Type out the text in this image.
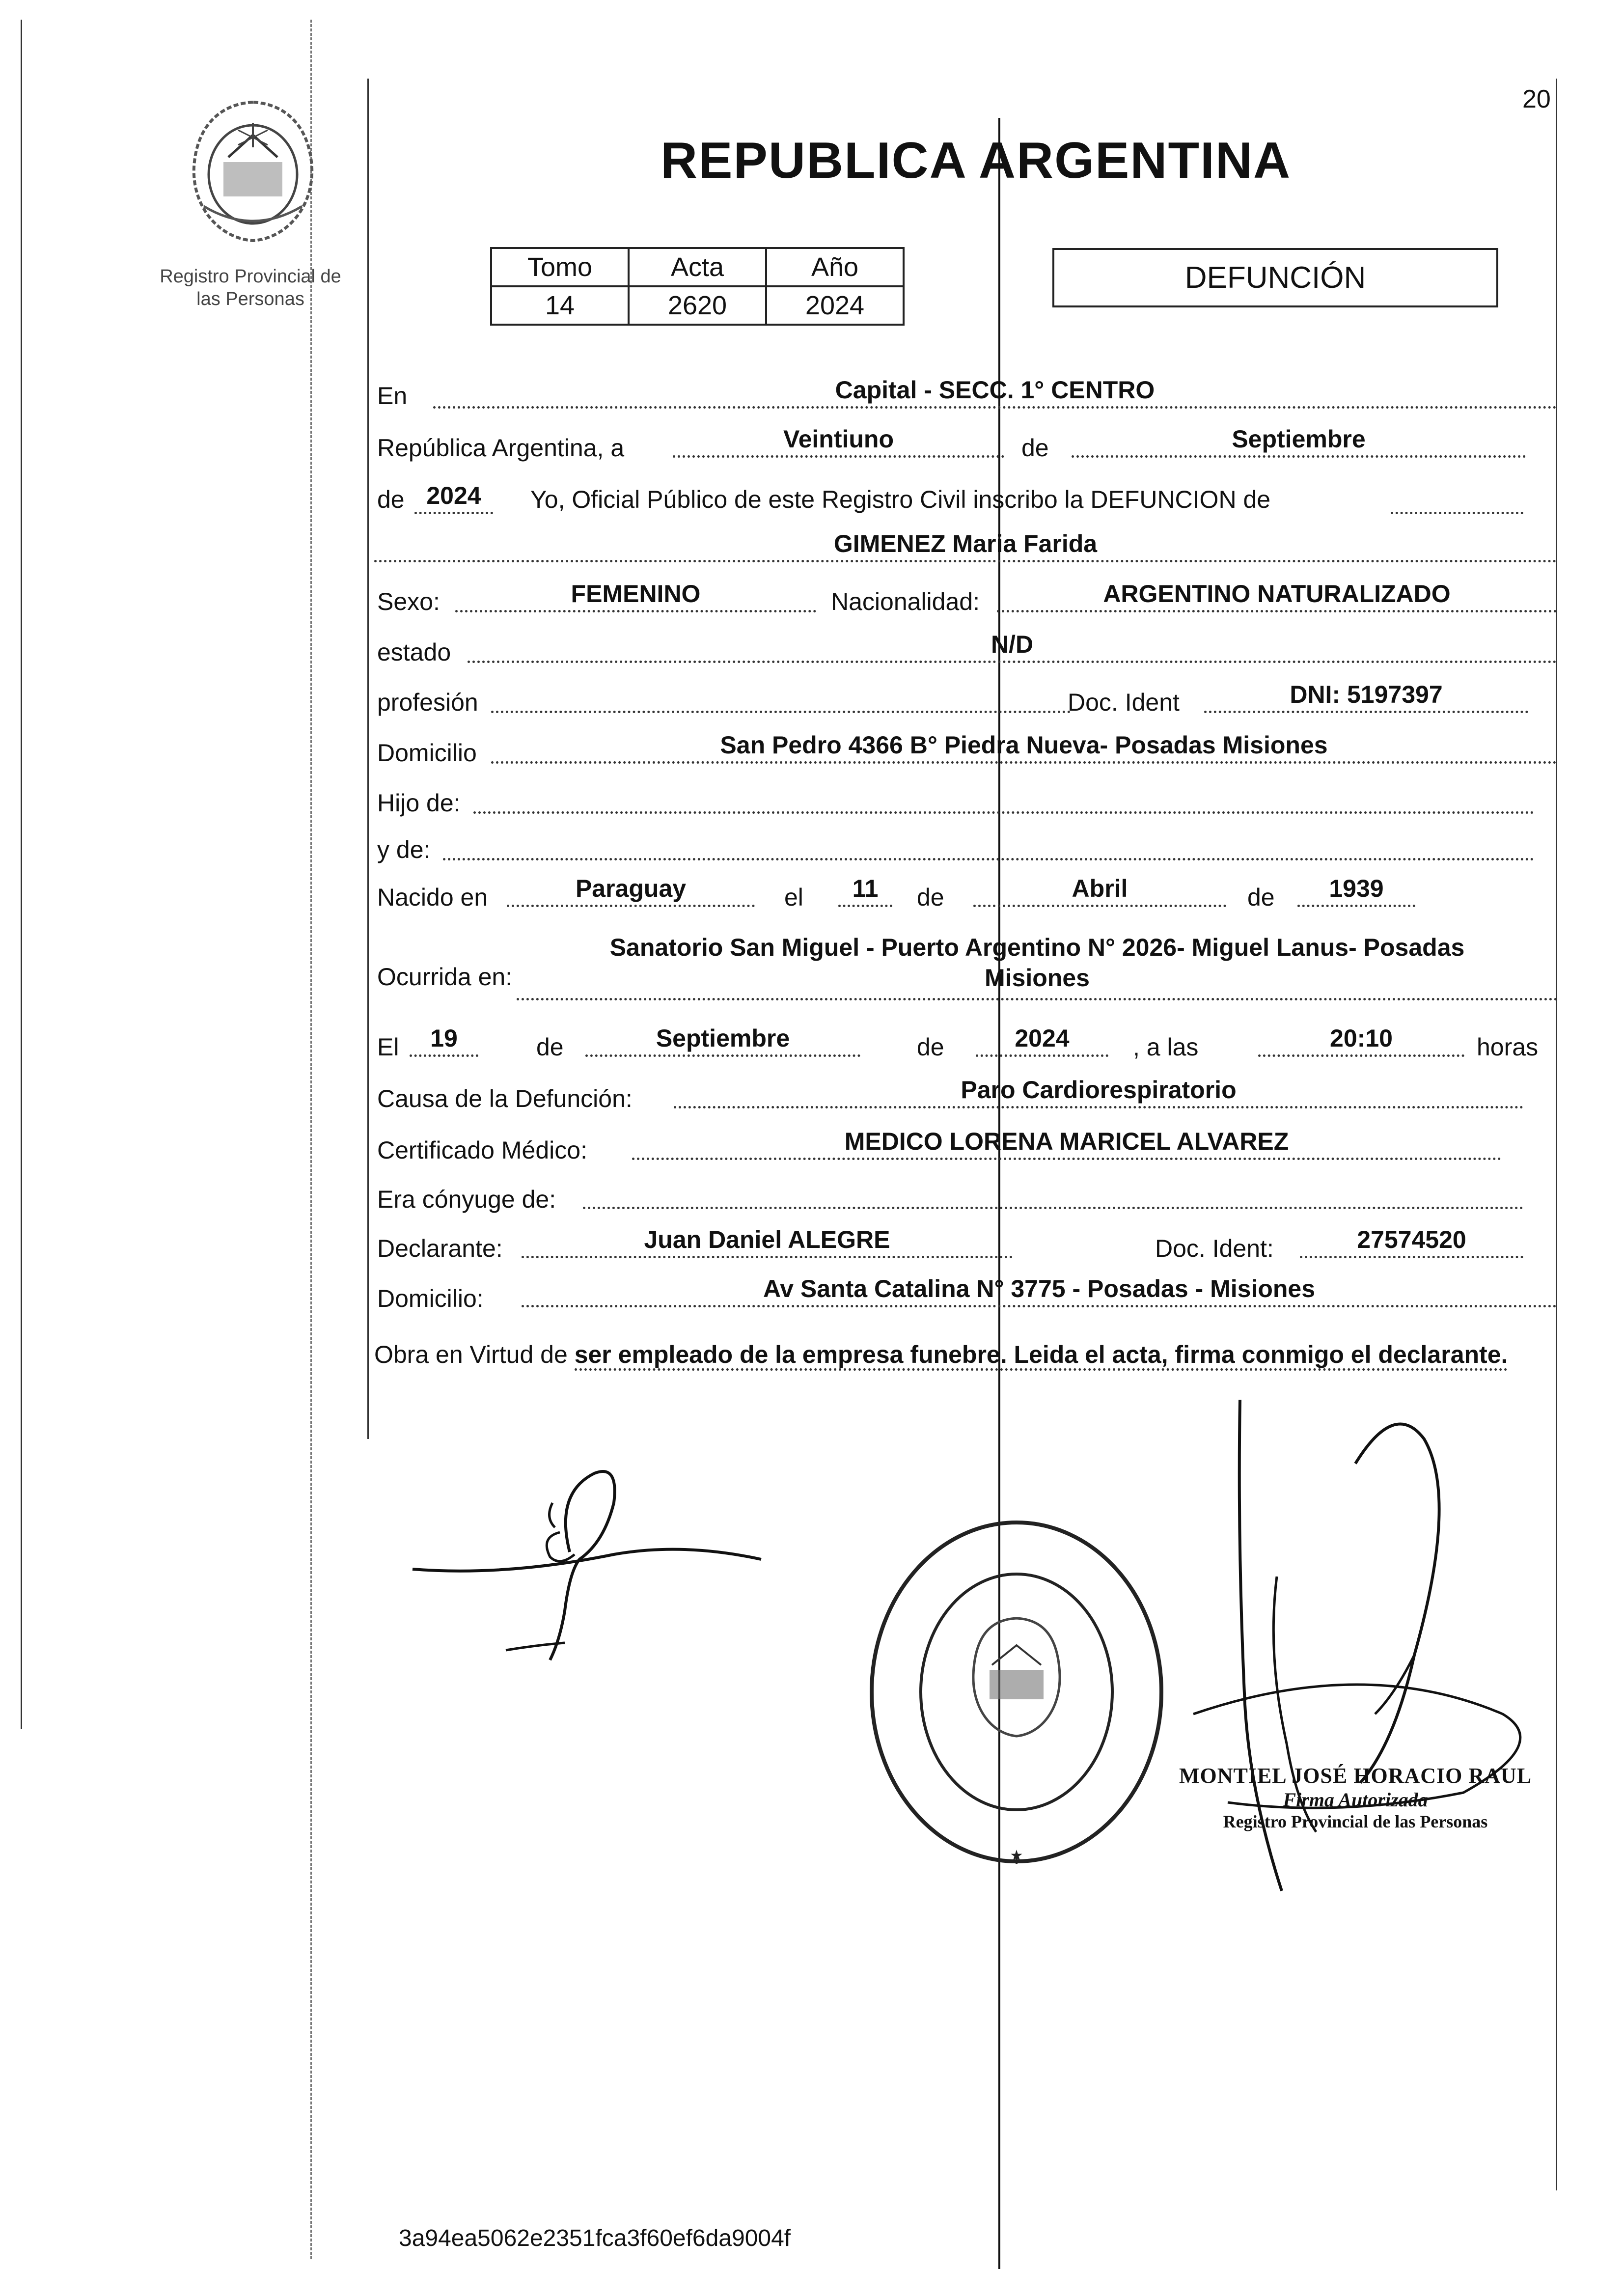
20
Registro Provincial de
las Personas
REPUBLICA ARGENTINA
Tomo	Acta	Año
14	2620	2024
DEFUNCIÓN
En	Capital - SECC. 1° CENTRO
República Argentina, a	Veintiuno	de	Septiembre
de 2024	Yo, Oficial Público de este Registro Civil inscribo la DEFUNCION de
GIMENEZ Maria Farida
Sexo:	FEMENINO	Nacionalidad:	ARGENTINO NATURALIZADO
estado	N/D
profesión	Doc. Ident	DNI: 5197397
Domicilio	San Pedro 4366 B° Piedra Nueva- Posadas Misiones
Hijo de:
y de:
Nacido en	Paraguay	el	11	de	Abril	de	1939
Ocurrida en:
Sanatorio San Miguel - Puerto Argentino N° 2026- Miguel Lanus- Posadas
Misiones
El	19	de	Septiembre	de	2024	, a las	20:10	horas
Causa de la Defunción:	Paro Cardiorespiratorio
Certificado Médico:	MEDICO LORENA MARICEL ALVAREZ
Era cónyuge de:
Declarante:	Juan Daniel ALEGRE	Doc. Ident:	27574520
Domicilio:	Av Santa Catalina N° 3775 - Posadas - Misiones
Obra en Virtud de ser empleado de la empresa funebre. Leida el acta, firma conmigo el declarante.
★
MONTIEL JOSÉ HORACIO RAUL
Firma Autorizada
Registro Provincial de las Personas
3a94ea5062e2351fca3f60ef6da9004f
